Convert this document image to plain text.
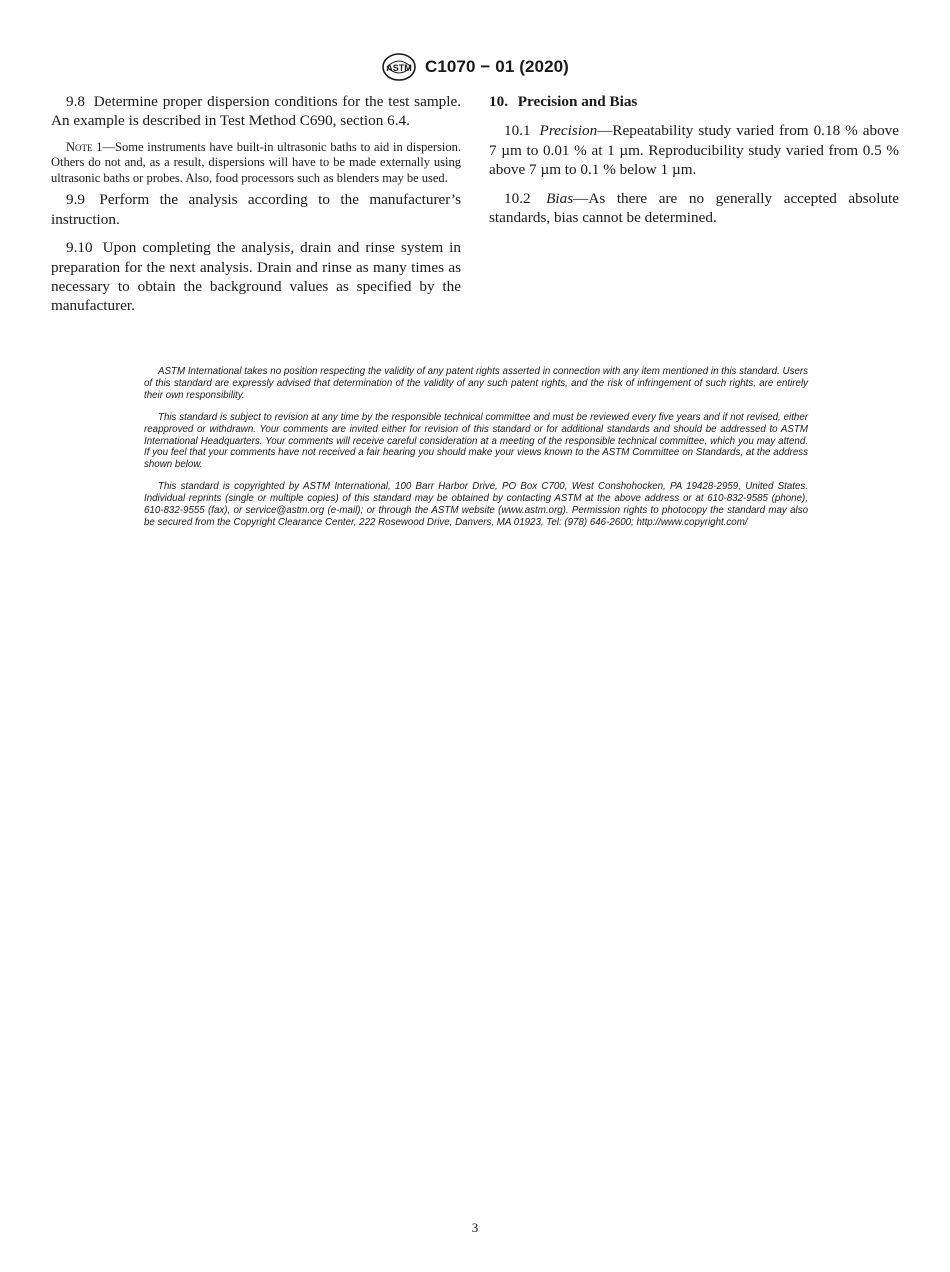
ASTM C1070 − 01 (2020)

9.8 Determine proper dispersion conditions for the test sample. An example is described in Test Method C690, section 6.4.

Note 1—Some instruments have built-in ultrasonic baths to aid in dispersion. Others do not and, as a result, dispersions will have to be made externally using ultrasonic baths or probes. Also, food processors such as blenders may be used.

9.9 Perform the analysis according to the manufacturer’s instruction.

9.10 Upon completing the analysis, drain and rinse system in preparation for the next analysis. Drain and rinse as many times as necessary to obtain the background values as specified by the manufacturer.

10. Precision and Bias

10.1 Precision—Repeatability study varied from 0.18 % above 7 µm to 0.01 % at 1 µm. Reproducibility study varied from 0.5 % above 7 µm to 0.1 % below 1 µm.

10.2 Bias—As there are no generally accepted absolute standards, bias cannot be determined.

ASTM International takes no position respecting the validity of any patent rights asserted in connection with any item mentioned in this standard. Users of this standard are expressly advised that determination of the validity of any such patent rights, and the risk of infringement of such rights, are entirely their own responsibility.

This standard is subject to revision at any time by the responsible technical committee and must be reviewed every five years and if not revised, either reapproved or withdrawn. Your comments are invited either for revision of this standard or for additional standards and should be addressed to ASTM International Headquarters. Your comments will receive careful consideration at a meeting of the responsible technical committee, which you may attend. If you feel that your comments have not received a fair hearing you should make your views known to the ASTM Committee on Standards, at the address shown below.

This standard is copyrighted by ASTM International, 100 Barr Harbor Drive, PO Box C700, West Conshohocken, PA 19428-2959, United States. Individual reprints (single or multiple copies) of this standard may be obtained by contacting ASTM at the above address or at 610-832-9585 (phone), 610-832-9555 (fax), or service@astm.org (e-mail); or through the ASTM website (www.astm.org). Permission rights to photocopy the standard may also be secured from the Copyright Clearance Center, 222 Rosewood Drive, Danvers, MA 01923, Tel: (978) 646-2600; http://www.copyright.com/

3
